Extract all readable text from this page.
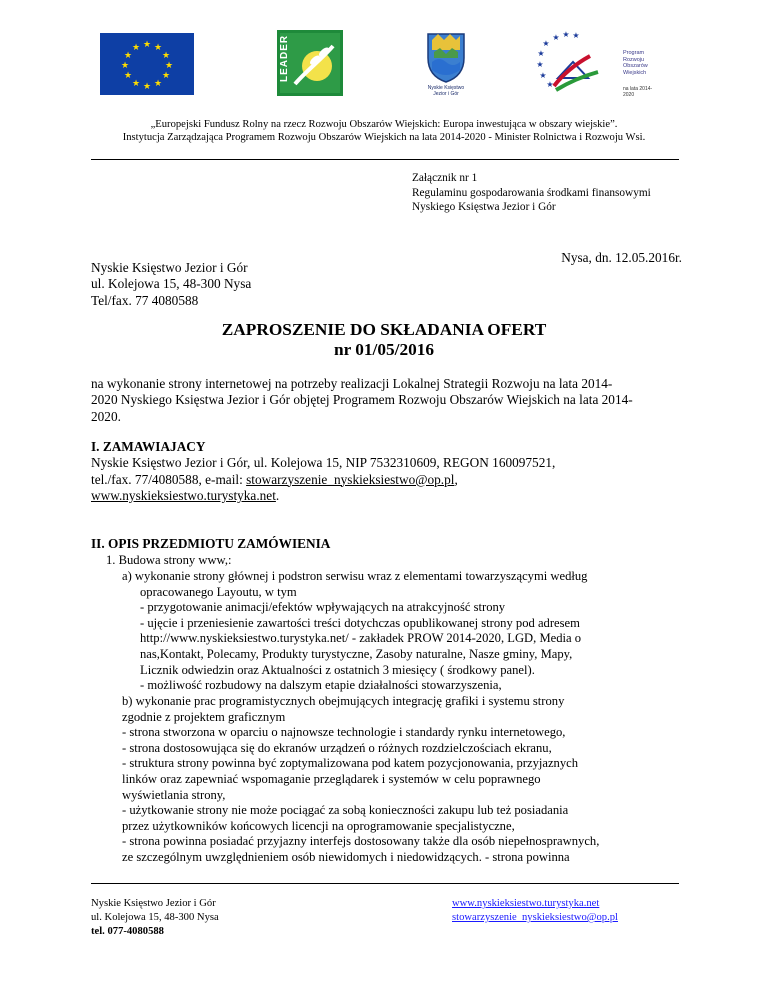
★ ★
★
★
★
★
★
★
★
★
★
★	LEADER
Nyskie Księstwo
Jezior i Gór
★ ★ ★
★
★
★
★
★
Program
Rozwoju
Obszarów
Wiejskich
na lata 2014-2020
„Europejski Fundusz Rolny na rzecz Rozwoju Obszarów Wiejskich: Europa inwestująca w obszary wiejskie”.
Instytucja Zarządzająca Programem Rozwoju Obszarów Wiejskich na lata 2014-2020 - Minister Rolnictwa i Rozwoju Wsi.
Załącznik nr 1
Regulaminu gospodarowania środkami finansowymi
Nyskiego Księstwa Jezior i Gór
Nysa, dn. 12.05.2016r.
Nyskie Księstwo Jezior i Gór
ul. Kolejowa 15, 48-300 Nysa
Tel/fax. 77 4080588
ZAPROSZENIE DO SKŁADANIA OFERT
nr 01/05/2016
na wykonanie strony internetowej na potrzeby realizacji Lokalnej Strategii Rozwoju na lata 2014-
2020 Nyskiego Księstwa Jezior i Gór objętej Programem Rozwoju Obszarów Wiejskich na lata 2014-
2020.
I. ZAMAWIAJACY
Nyskie Księstwo Jezior i Gór, ul. Kolejowa 15, NIP 7532310609, REGON 160097521,
tel./fax. 77/4080588, e-mail: stowarzyszenie_nyskieksiestwo@op.pl,
www.nyskieksiestwo.turystyka.net.
II. OPIS PRZEDMIOTU ZAMÓWIENIA
1. Budowa strony www,:
a) wykonanie strony głównej i podstron serwisu wraz z elementami towarzyszącymi według
opracowanego Layoutu, w tym
- przygotowanie animacji/efektów wpływających na atrakcyjność strony
- ujęcie i przeniesienie zawartości treści dotychczas opublikowanej strony pod adresem
http://www.nyskieksiestwo.turystyka.net/ - zakładek PROW 2014-2020, LGD, Media o
nas,Kontakt, Polecamy, Produkty turystyczne, Zasoby naturalne, Nasze gminy, Mapy,
Licznik odwiedzin oraz Aktualności z ostatnich 3 miesięcy ( środkowy panel).
- możliwość rozbudowy na dalszym etapie działalności stowarzyszenia,
b) wykonanie prac programistycznych obejmujących integrację grafiki i systemu strony
zgodnie z projektem graficznym
- strona stworzona w oparciu o najnowsze technologie i standardy rynku internetowego,
- strona dostosowująca się do ekranów urządzeń o różnych rozdzielczościach ekranu,
- struktura strony powinna być zoptymalizowana pod katem pozycjonowania, przyjaznych
linków oraz zapewniać wspomaganie przeglądarek i systemów w celu poprawnego
wyświetlania strony,
- użytkowanie strony nie może pociągać za sobą konieczności zakupu lub też posiadania
przez użytkowników końcowych licencji na oprogramowanie specjalistyczne,
- strona powinna posiadać przyjazny interfejs dostosowany także dla osób niepełnosprawnych,
ze szczególnym uwzględnieniem osób niewidomych i niedowidzących. - strona powinna
Nyskie Księstwo Jezior i Gór
ul. Kolejowa 15, 48-300 Nysa
tel. 077-4080588
www.nyskieksiestwo.turystyka.net
stowarzyszenie_nyskieksiestwo@op.pl
